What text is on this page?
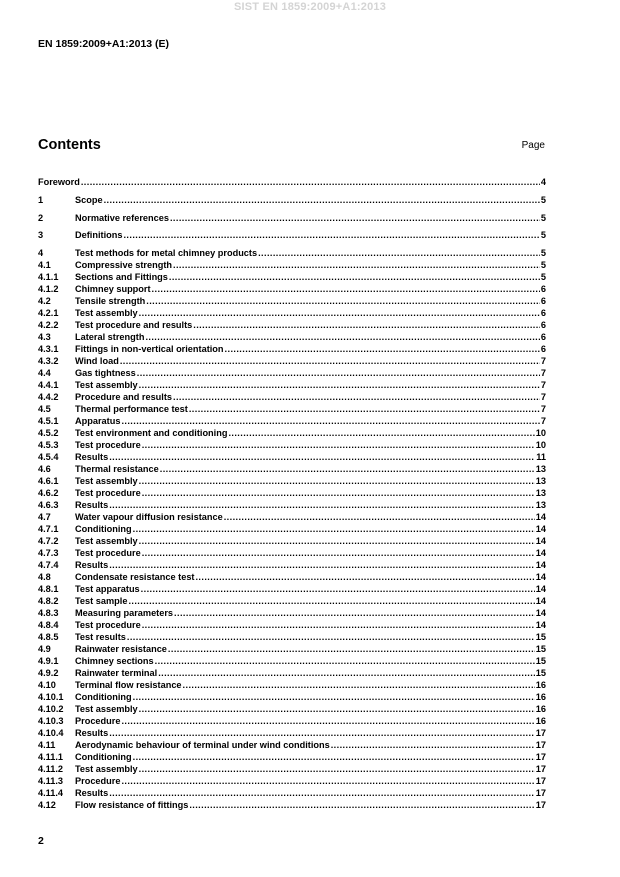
SIST EN 1859:2009+A1:2013
EN 1859:2009+A1:2013 (E)
Contents	Page
Foreword .....	4
1	Scope .....	5
2	Normative references .....	5
3	Definitions .....	5
4	Test methods for metal chimney products .....	5
4.1	Compressive strength .....	5
4.1.1	Sections and Fittings .....	5
4.1.2	Chimney support .....	6
4.2	Tensile strength .....	6
4.2.1	Test assembly .....	6
4.2.2	Test procedure and results .....	6
4.3	Lateral strength .....	6
4.3.1	Fittings in non-vertical orientation .....	6
4.3.2	Wind load .....	7
4.4	Gas tightness .....	7
4.4.1	Test assembly .....	7
4.4.2	Procedure and results .....	7
4.5	Thermal performance test .....	7
4.5.1	Apparatus .....	7
4.5.2	Test environment and conditioning .....	10
4.5.3	Test procedure .....	10
4.5.4	Results .....	11
4.6	Thermal resistance .....	13
4.6.1	Test assembly .....	13
4.6.2	Test procedure .....	13
4.6.3	Results .....	13
4.7	Water vapour diffusion resistance .....	14
4.7.1	Conditioning .....	14
4.7.2	Test assembly .....	14
4.7.3	Test procedure .....	14
4.7.4	Results .....	14
4.8	Condensate resistance test .....	14
4.8.1	Test apparatus .....	14
4.8.2	Test sample .....	14
4.8.3	Measuring parameters .....	14
4.8.4	Test procedure .....	14
4.8.5	Test results .....	15
4.9	Rainwater resistance .....	15
4.9.1	Chimney sections .....	15
4.9.2	Rainwater terminal .....	15
4.10	Terminal flow resistance .....	16
4.10.1	Conditioning .....	16
4.10.2	Test assembly .....	16
4.10.3	Procedure .....	16
4.10.4	Results .....	17
4.11	Aerodynamic behaviour of terminal under wind conditions .....	17
4.11.1	Conditioning .....	17
4.11.2	Test assembly .....	17
4.11.3	Procedure .....	17
4.11.4	Results .....	17
4.12	Flow resistance of fittings .....	17
2
